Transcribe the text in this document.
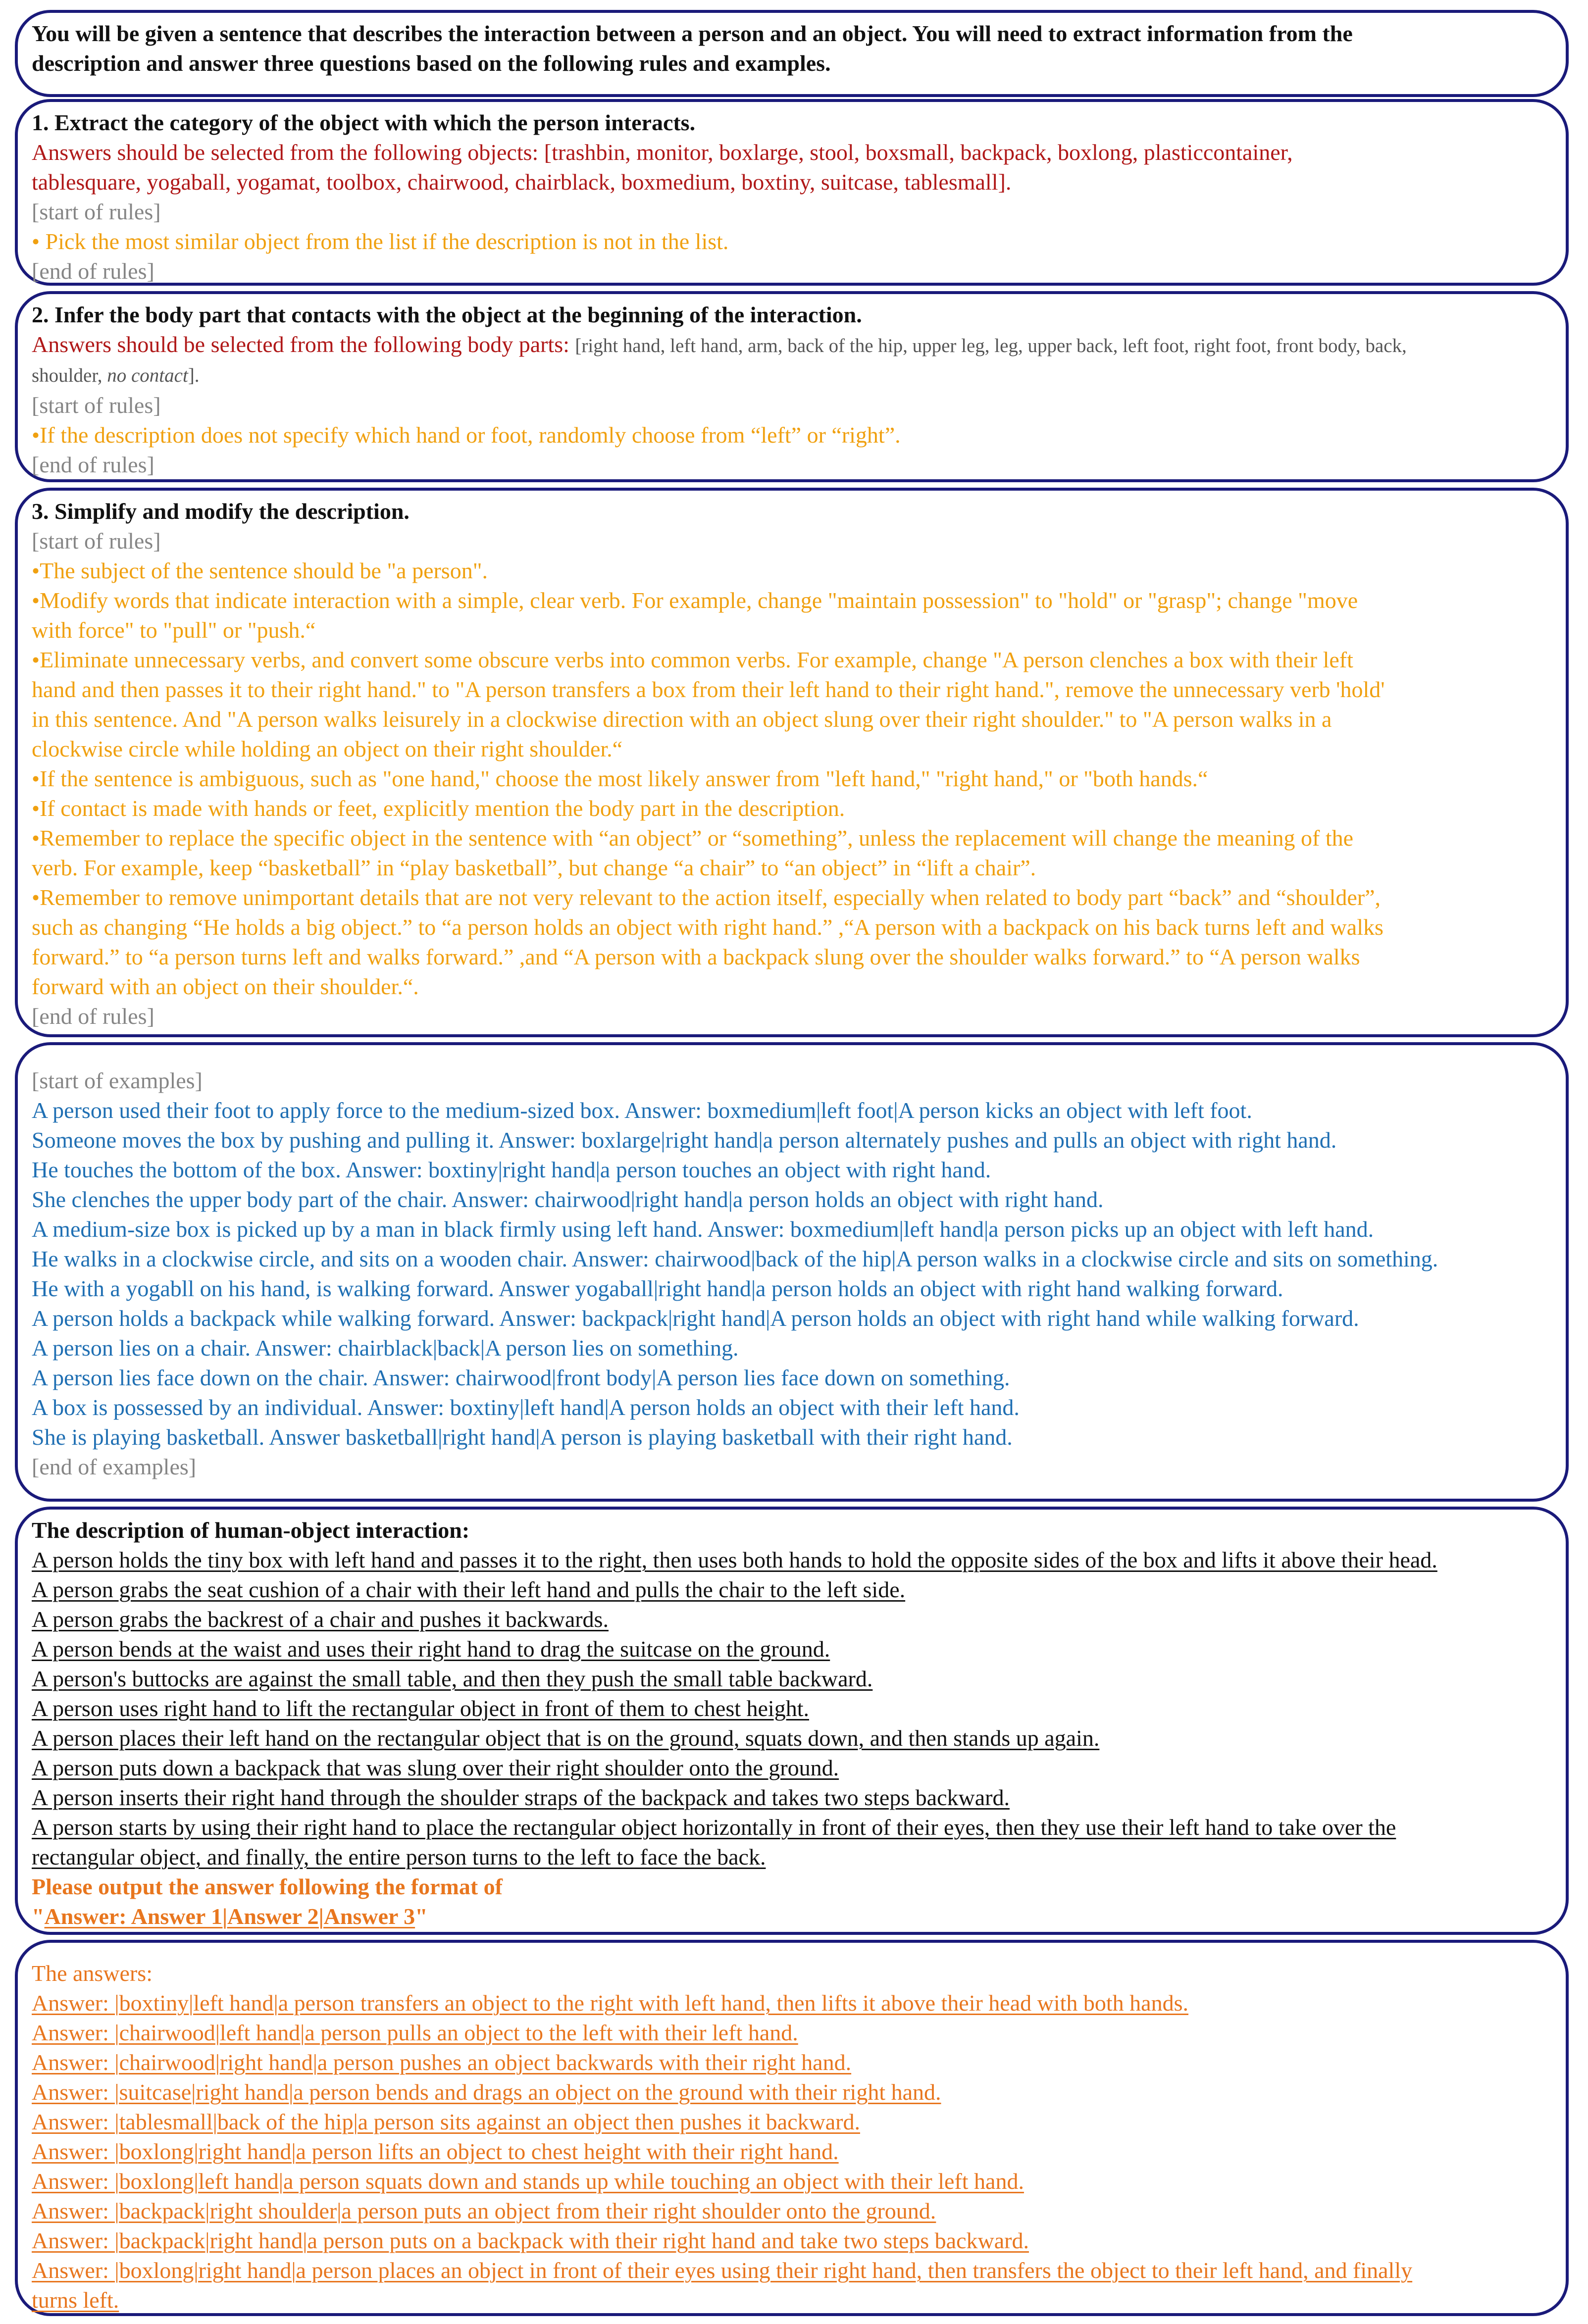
You will be given a sentence that describes the interaction between a person and an object. You will need to extract information from the
description and answer three questions based on the following rules and examples.
1. Extract the category of the object with which the person interacts.
Answers should be selected from the following objects: [trashbin, monitor, boxlarge, stool, boxsmall, backpack, boxlong, plasticcontainer,
tablesquare, yogaball, yogamat, toolbox, chairwood, chairblack, boxmedium, boxtiny, suitcase, tablesmall].
[start of rules]
• Pick the most similar object from the list if the description is not in the list.
[end of rules]
2. Infer the body part that contacts with the object at the beginning of the interaction.
Answers should be selected from the following body parts: [right hand, left hand, arm, back of the hip, upper leg, leg, upper back, left foot, right foot, front body, back,
shoulder, no contact].
[start of rules]
•If the description does not specify which hand or foot, randomly choose from “left” or “right”.
[end of rules]
3. Simplify and modify the description.
[start of rules]
•The subject of the sentence should be "a person".
•Modify words that indicate interaction with a simple, clear verb. For example, change "maintain possession" to "hold" or "grasp"; change "move
with force" to "pull" or "push.“
•Eliminate unnecessary verbs, and convert some obscure verbs into common verbs. For example, change "A person clenches a box with their left
hand and then passes it to their right hand." to "A person transfers a box from their left hand to their right hand.", remove the unnecessary verb 'hold'
in this sentence. And "A person walks leisurely in a clockwise direction with an object slung over their right shoulder." to "A person walks in a
clockwise circle while holding an object on their right shoulder.“
•If the sentence is ambiguous, such as "one hand," choose the most likely answer from "left hand," "right hand," or "both hands.“
•If contact is made with hands or feet, explicitly mention the body part in the description.
•Remember to replace the specific object in the sentence with “an object” or “something”, unless the replacement will change the meaning of the
verb. For example, keep “basketball” in “play basketball”, but change “a chair” to “an object” in “lift a chair”.
•Remember to remove unimportant details that are not very relevant to the action itself, especially when related to body part “back” and “shoulder”,
such as changing “He holds a big object.” to “a person holds an object with right hand.” ,“A person with a backpack on his back turns left and walks
forward.” to “a person turns left and walks forward.” ,and “A person with a backpack slung over the shoulder walks forward.” to “A person walks
forward with an object on their shoulder.“.
[end of rules]
[start of examples]
A person used their foot to apply force to the medium-sized box. Answer: boxmedium|left foot|A person kicks an object with left foot.
Someone moves the box by pushing and pulling it. Answer: boxlarge|right hand|a person alternately pushes and pulls an object with right hand.
He touches the bottom of the box. Answer: boxtiny|right hand|a person touches an object with right hand.
She clenches the upper body part of the chair. Answer: chairwood|right hand|a person holds an object with right hand.
A medium-size box is picked up by a man in black firmly using left hand. Answer: boxmedium|left hand|a person picks up an object with left hand.
He walks in a clockwise circle, and sits on a wooden chair. Answer: chairwood|back of the hip|A person walks in a clockwise circle and sits on something.
He with a yogabll on his hand, is walking forward. Answer yogaball|right hand|a person holds an object with right hand walking forward.
A person holds a backpack while walking forward. Answer: backpack|right hand|A person holds an object with right hand while walking forward.
A person lies on a chair. Answer: chairblack|back|A person lies on something.
A person lies face down on the chair. Answer: chairwood|front body|A person lies face down on something.
A box is possessed by an individual. Answer: boxtiny|left hand|A person holds an object with their left hand.
She is playing basketball. Answer basketball|right hand|A person is playing basketball with their right hand.
[end of examples]
The description of human-object interaction:
A person holds the tiny box with left hand and passes it to the right, then uses both hands to hold the opposite sides of the box and lifts it above their head.
A person grabs the seat cushion of a chair with their left hand and pulls the chair to the left side.
A person grabs the backrest of a chair and pushes it backwards.
A person bends at the waist and uses their right hand to drag the suitcase on the ground.
A person's buttocks are against the small table, and then they push the small table backward.
A person uses right hand to lift the rectangular object in front of them to chest height.
A person places their left hand on the rectangular object that is on the ground, squats down, and then stands up again.
A person puts down a backpack that was slung over their right shoulder onto the ground.
A person inserts their right hand through the shoulder straps of the backpack and takes two steps backward.
A person starts by using their right hand to place the rectangular object horizontally in front of their eyes, then they use their left hand to take over the
rectangular object, and finally, the entire person turns to the left to face the back.
Please output the answer following the format of
"Answer: Answer 1|Answer 2|Answer 3"
The answers:
Answer: |boxtiny|left hand|a person transfers an object to the right with left hand, then lifts it above their head with both hands.
Answer: |chairwood|left hand|a person pulls an object to the left with their left hand.
Answer: |chairwood|right hand|a person pushes an object backwards with their right hand.
Answer: |suitcase|right hand|a person bends and drags an object on the ground with their right hand.
Answer: |tablesmall|back of the hip|a person sits against an object then pushes it backward.
Answer: |boxlong|right hand|a person lifts an object to chest height with their right hand.
Answer: |boxlong|left hand|a person squats down and stands up while touching an object with their left hand.
Answer: |backpack|right shoulder|a person puts an object from their right shoulder onto the ground.
Answer: |backpack|right hand|a person puts on a backpack with their right hand and take two steps backward.
Answer: |boxlong|right hand|a person places an object in front of their eyes using their right hand, then transfers the object to their left hand, and finally
turns left.
